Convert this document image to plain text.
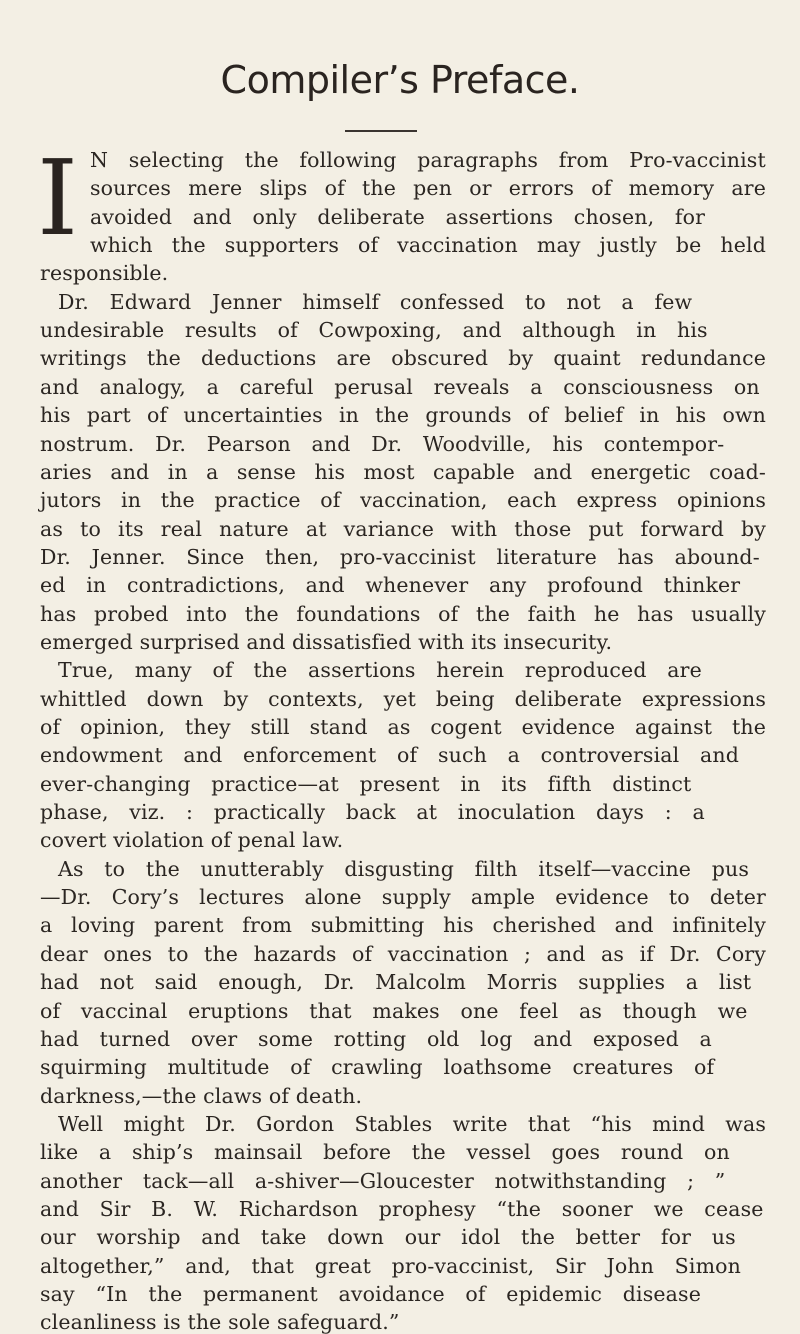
Compiler’s Preface.
I N selecting the following paragraphs from Pro-vaccinist
sources mere slips of the pen or errors of memory are
avoided and only deliberate assertions chosen, for
which the supporters of vaccination may justly be held
responsible.
Dr. Edward Jenner himself confessed to not a few
undesirable results of Cowpoxing, and although in his
writings the deductions are obscured by quaint redundance
and analogy, a careful perusal reveals a consciousness on
his part of uncertainties in the grounds of belief in his own
nostrum. Dr. Pearson and Dr. Woodville, his contempor-
aries and in a sense his most capable and energetic coad-
jutors in the practice of vaccination, each express opinions
as to its real nature at variance with those put forward by
Dr. Jenner. Since then, pro-vaccinist literature has abound-
ed in contradictions, and whenever any profound thinker
has probed into the foundations of the faith he has usually
emerged surprised and dissatisfied with its insecurity.
True, many of the assertions herein reproduced are
whittled down by contexts, yet being deliberate expressions
of opinion, they still stand as cogent evidence against the
endowment and enforcement of such a controversial and
ever-changing practice—at present in its fifth distinct
phase, viz. : practically back at inoculation days : a
covert violation of penal law.
As to the unutterably disgusting filth itself—vaccine pus
—Dr. Cory’s lectures alone supply ample evidence to deter
a loving parent from submitting his cherished and infinitely
dear ones to the hazards of vaccination ; and as if Dr. Cory
had not said enough, Dr. Malcolm Morris supplies a list
of vaccinal eruptions that makes one feel as though we
had turned over some rotting old log and exposed a
squirming multitude of crawling loathsome creatures of
darkness,—the claws of death.
Well might Dr. Gordon Stables write that “his mind was
like a ship’s mainsail before the vessel goes round on
another tack—all a-shiver—Gloucester notwithstanding ; ”
and Sir B. W. Richardson prophesy “the sooner we cease
our worship and take down our idol the better for us
altogether,” and, that great pro-vaccinist, Sir John Simon
say “In the permanent avoidance of epidemic disease
cleanliness is the sole safeguard.”
